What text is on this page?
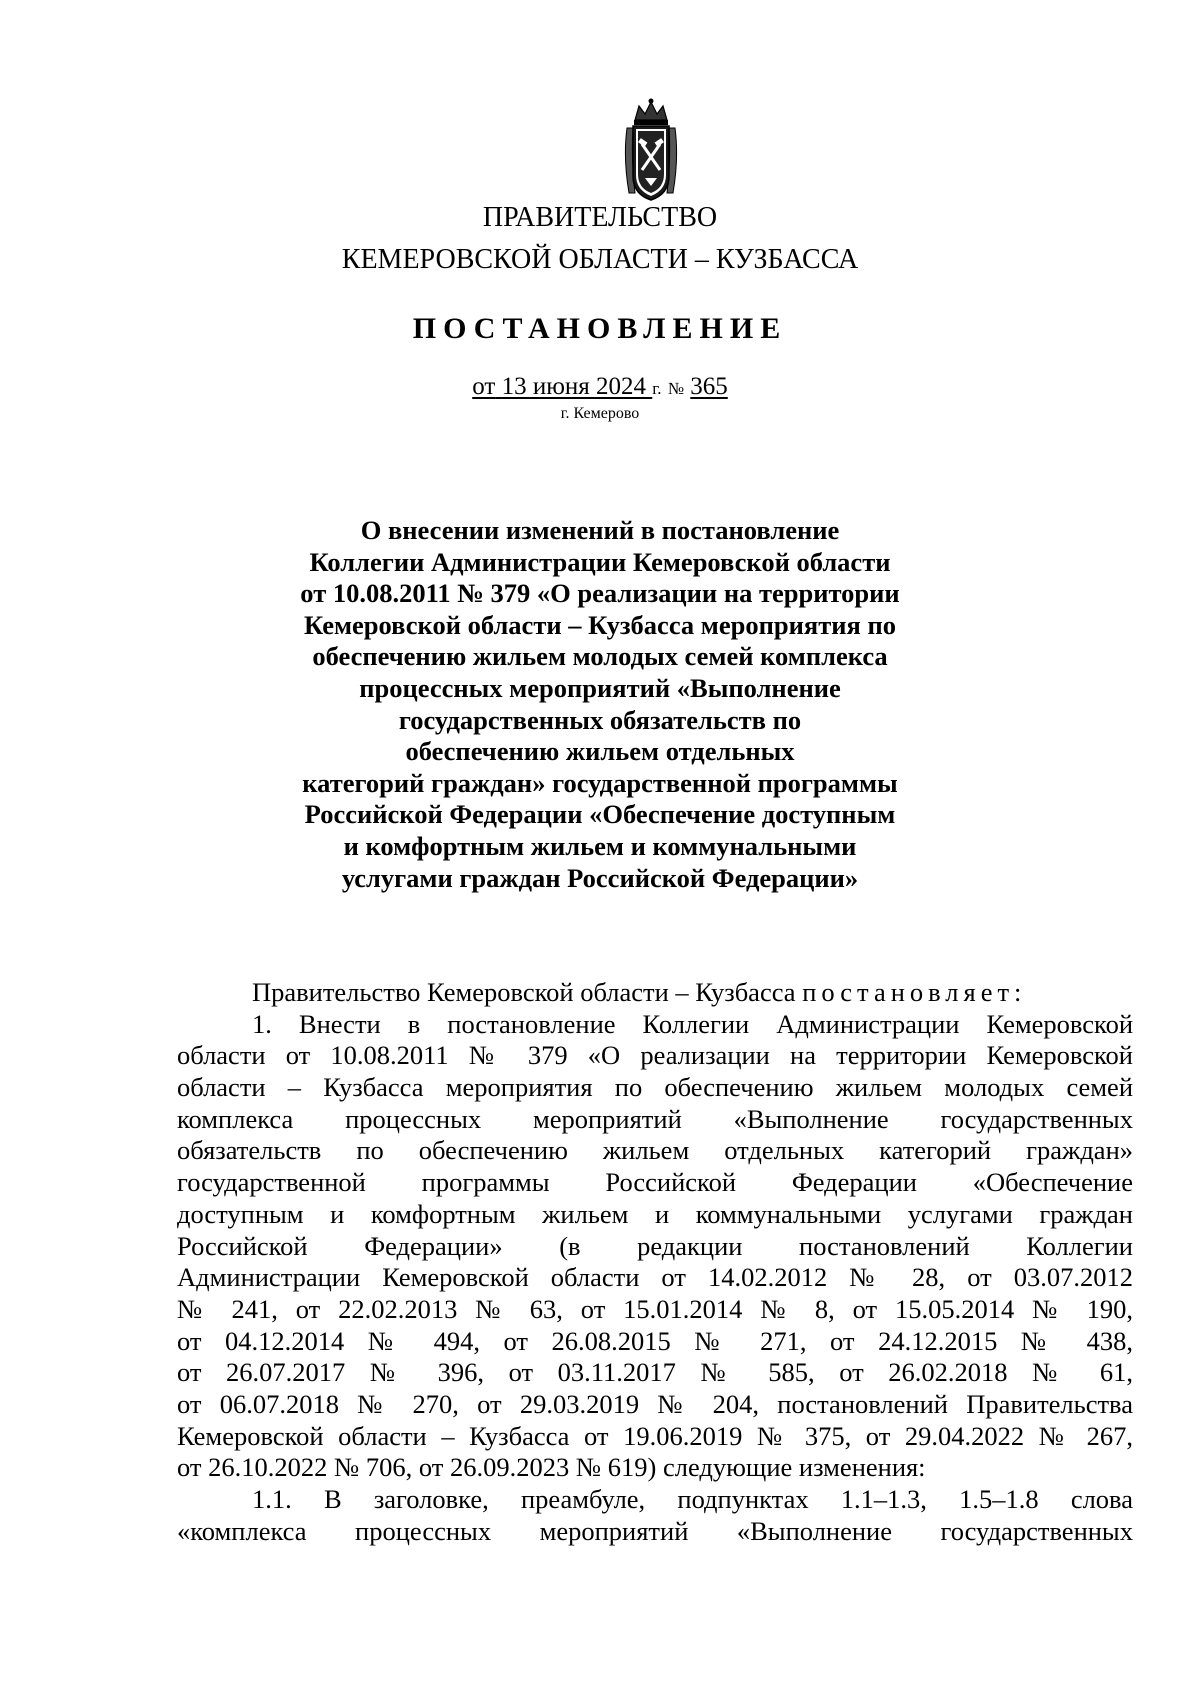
ПРАВИТЕЛЬСТВО
КЕМЕРОВСКОЙ ОБЛАСТИ – КУЗБАССА
ПОСТАНОВЛЕНИЕ
от 13 июня 2024 г. № 365
г. Кемерово
О внесении изменений в постановление
Коллегии Администрации Кемеровской области
от 10.08.2011 № 379 «О реализации на территории
Кемеровской области – Кузбасса мероприятия по
обеспечению жильем молодых семей комплекса
процессных мероприятий «Выполнение
государственных обязательств по
обеспечению жильем отдельных
категорий граждан» государственной программы
Российской Федерации «Обеспечение доступным
и комфортным жильем и коммунальными
услугами граждан Российской Федерации»
Правительство Кемеровской области – Кузбасса постановляет:
1. Внести в постановление Коллегии Администрации Кемеровской
области от 10.08.2011 № 379 «О реализации на территории Кемеровской
области – Кузбасса мероприятия по обеспечению жильем молодых семей
комплекса процессных мероприятий «Выполнение государственных
обязательств по обеспечению жильем отдельных категорий граждан»
государственной программы Российской Федерации «Обеспечение
доступным и комфортным жильем и коммунальными услугами граждан
Российской Федерации» (в редакции постановлений Коллегии
Администрации Кемеровской области от 14.02.2012 № 28, от 03.07.2012
№ 241, от 22.02.2013 № 63, от 15.01.2014 № 8, от 15.05.2014 № 190,
от 04.12.2014 № 494, от 26.08.2015 № 271, от 24.12.2015 № 438,
от 26.07.2017 № 396, от 03.11.2017 № 585, от 26.02.2018 № 61,
от 06.07.2018 № 270, от 29.03.2019 № 204, постановлений Правительства
Кемеровской области – Кузбасса от 19.06.2019 № 375, от 29.04.2022 № 267,
от 26.10.2022 № 706, от 26.09.2023 № 619) следующие изменения:
1.1. В заголовке, преамбуле, подпунктах 1.1–1.3, 1.5–1.8 слова
«комплекса процессных мероприятий «Выполнение государственных
